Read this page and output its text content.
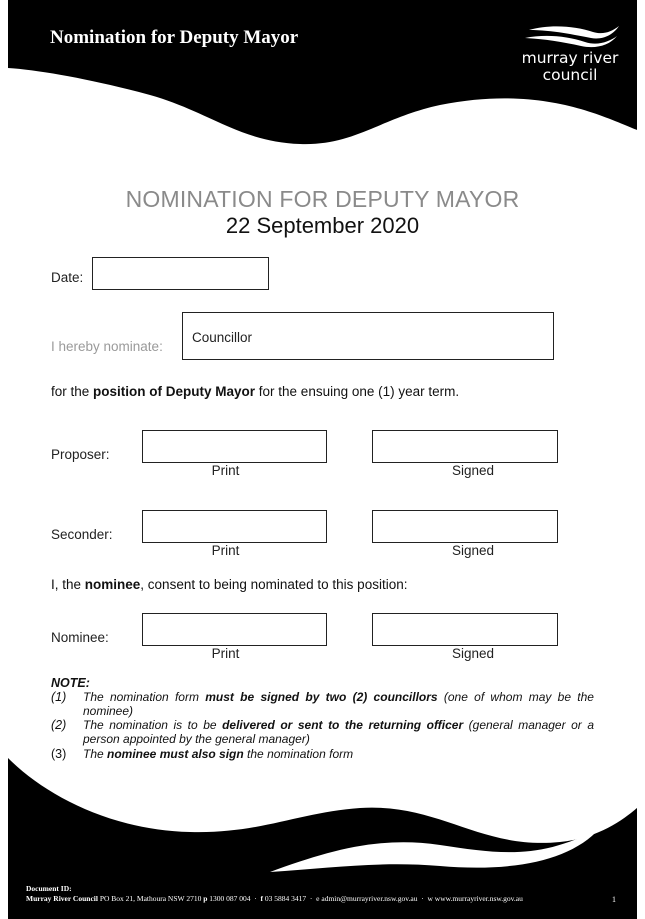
Nomination for Deputy Mayor
murray river
council
NOMINATION FOR DEPUTY MAYOR
22 September 2020
Date:
I hereby nominate:
Councillor
for the position of Deputy Mayor for the ensuing one (1) year term.
Proposer:
Print	Signed
Seconder:
Print	Signed
I, the nominee, consent to being nominated to this position:
Nominee:
Print	Signed
NOTE:
(1) The nomination form must be signed by two (2) councillors (one of whom may be the nominee)
(2) The nomination is to be delivered or sent to the returning officer (general manager or a person appointed by the general manager)
(3) The nominee must also sign the nomination form
Document ID:
Murray River Council PO Box 21, Mathoura NSW 2710 p 1300 087 004  ·  f 03 5884 3417  ·  e admin@murrayriver.nsw.gov.au  ·  w www.murrayriver.nsw.gov.au	1
